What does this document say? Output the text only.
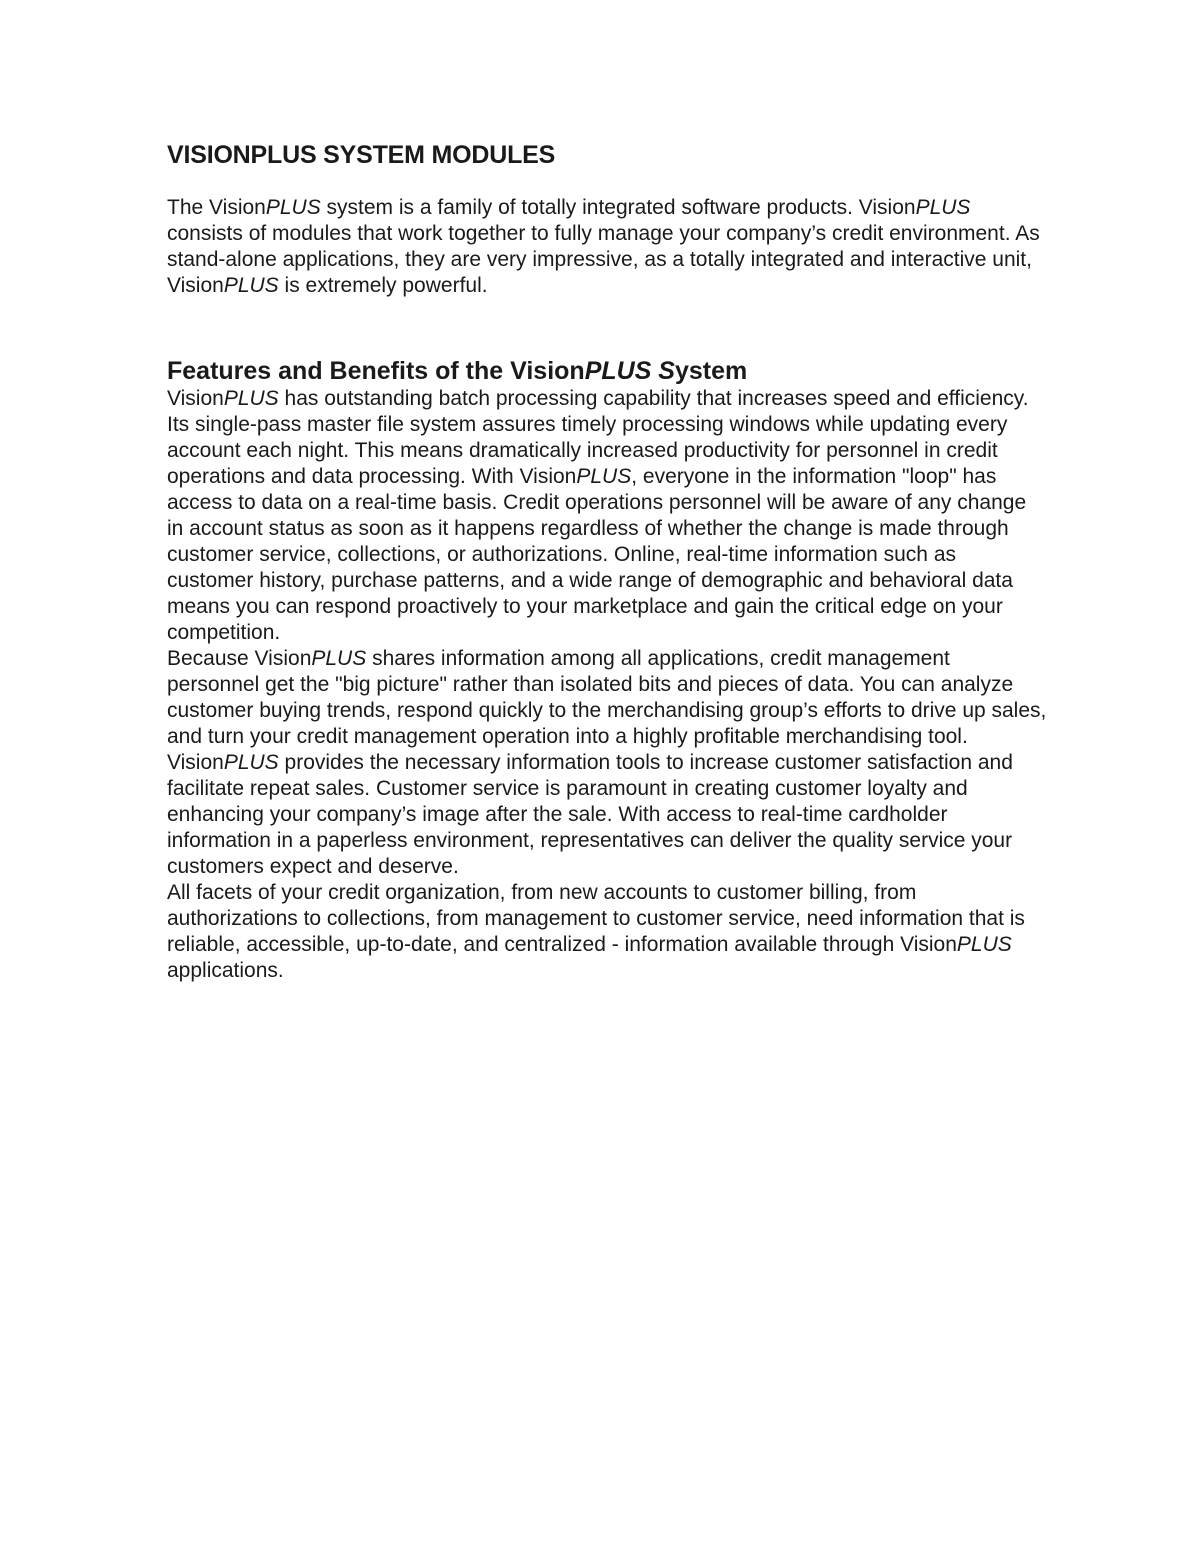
VISIONPLUS SYSTEM MODULES

The VisionPLUS system is a family of totally integrated software products. VisionPLUS consists of modules that work together to fully manage your company’s credit environment. As stand-alone applications, they are very impressive, as a totally integrated and interactive unit, VisionPLUS is extremely powerful.

Features and Benefits of the VisionPLUS System

VisionPLUS has outstanding batch processing capability that increases speed and efficiency. Its single-pass master file system assures timely processing windows while updating every account each night. This means dramatically increased productivity for personnel in credit operations and data processing. With VisionPLUS, everyone in the information "loop" has access to data on a real-time basis. Credit operations personnel will be aware of any change in account status as soon as it happens regardless of whether the change is made through customer service, collections, or authorizations. Online, real-time information such as customer history, purchase patterns, and a wide range of demographic and behavioral data means you can respond proactively to your marketplace and gain the critical edge on your competition.

Because VisionPLUS shares information among all applications, credit management personnel get the "big picture" rather than isolated bits and pieces of data. You can analyze customer buying trends, respond quickly to the merchandising group’s efforts to drive up sales, and turn your credit management operation into a highly profitable merchandising tool. VisionPLUS provides the necessary information tools to increase customer satisfaction and facilitate repeat sales. Customer service is paramount in creating customer loyalty and enhancing your company’s image after the sale. With access to real-time cardholder information in a paperless environment, representatives can deliver the quality service your customers expect and deserve.

All facets of your credit organization, from new accounts to customer billing, from authorizations to collections, from management to customer service, need information that is reliable, accessible, up-to-date, and centralized - information available through VisionPLUS applications.
